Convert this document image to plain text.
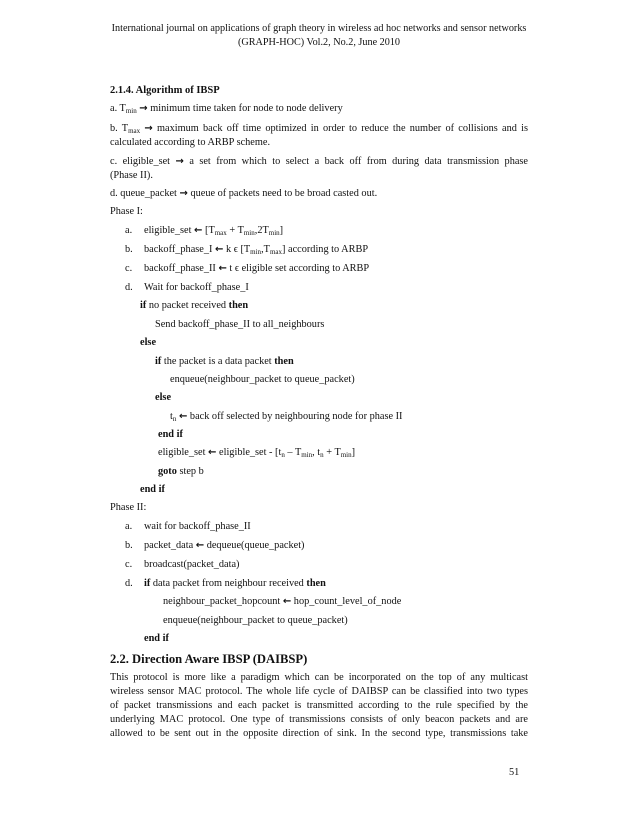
International journal on applications of graph theory in wireless ad hoc networks and sensor networks
(GRAPH-HOC) Vol.2, No.2, June 2010
2.1.4. Algorithm of IBSP
a. $T_{min}$ → minimum time taken for node to node delivery
b. $T_{max}$ → maximum back off time optimized in order to reduce the number of collisions and is
calculated according to ARBP scheme.
c. eligible_set → a set from which to select a back off from during data transmission phase
(Phase II).
d. queue_packet → queue of packets need to be broad casted out.
Phase I:
a. eligible_set ← $[T_{max} + T_{min},2T_{min}]$
b. backoff_phase_I ← k ϵ $[T_{min},T_{max}]$ according to ARBP
c. backoff_phase_II ← t ϵ eligible set according to ARBP
d. Wait for backoff_phase_I
if no packet received then
Send backoff_phase_II to all_neighbours
else
if the packet is a data packet then
enqueue(neighbour_packet to queue_packet)
else
$t_n$ ← back off selected by neighbouring node for phase II
end if
eligible_set ← eligible_set - [$t_n - T_{min}$, $t_n + T_{min}$]
goto step b
end if
Phase II:
a. wait for backoff_phase_II
b. packet_data ← dequeue(queue_packet)
c. broadcast(packet_data)
d. if data packet from neighbour received then
neighbour_packet_hopcount ← hop_count_level_of_node
enqueue(neighbour_packet to queue_packet)
end if
2.2. Direction Aware IBSP (DAIBSP)
This protocol is more like a paradigm which can be incorporated on the top of any multicast
wireless sensor MAC protocol. The whole life cycle of DAIBSP can be classified into two types
of packet transmissions and each packet is transmitted according to the rule specified by the
underlying MAC protocol. One type of transmissions consists of only beacon packets and are
allowed to be sent out in the opposite direction of sink. In the second type, transmissions take
51
